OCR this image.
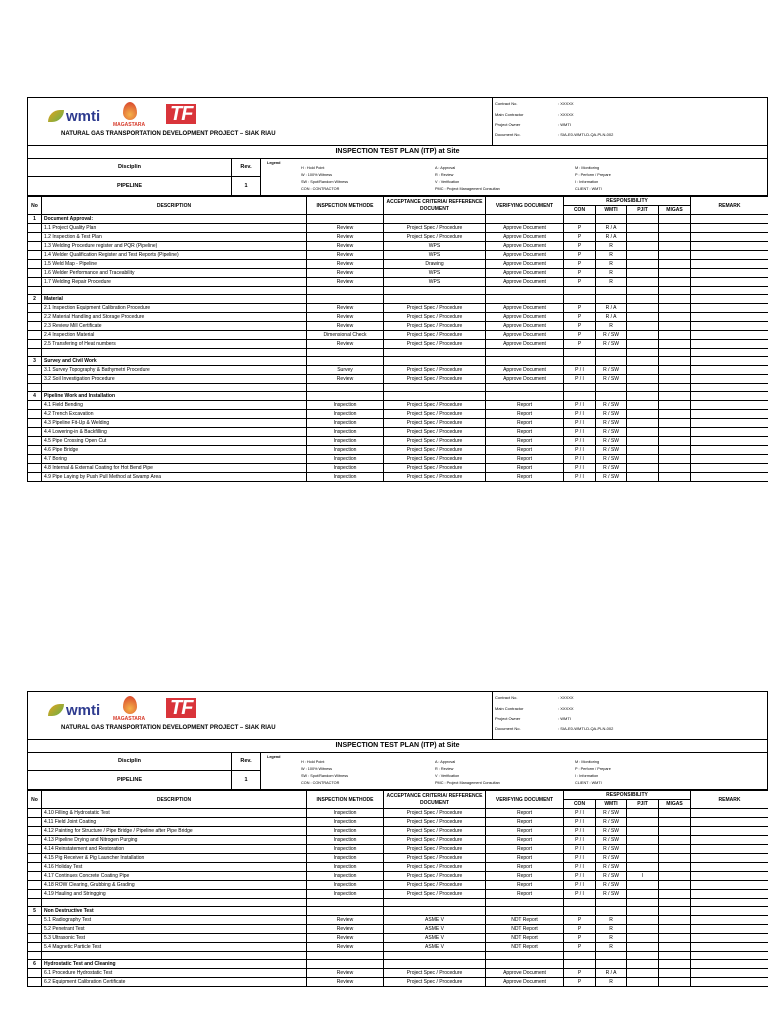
wmti	MAGASTARA TF
NATURAL GAS TRANSPORTATION DEVELOPMENT PROJECT – SIAK RIAU
Contract No.	: XXXXX
Main Contractor	: XXXXX
Project Owner	: WMTI
Document No.	: SIA-E0-WMTI-D-QA-PLN-002
INSPECTION TEST PLAN (ITP) at Site
Disciplin
PIPELINE
Rev.
1
Legend
H : Hold Point
W : 100% Witness
SW : Spot/Random Witness
CON : CONTRACTOR
A : Approval
R : Review
V : Verification
PMC : Project Management Consultan
M : Monitoring
P : Perform / Prepare
I : Information
CLIENT : WMTI
No	DESCRIPTION	INSPECTION METHODE	ACCEPTANCE CRITERIA/ REFFERENCE DOCUMENT	VERIFYING DOCUMENT	RESPONSIBILITY				REMARK
					CON	WMTI	PJIT	MIGAS	
1	Document Approval:								
	1.1 Project Quality Plan	Review	Project Spec / Procedure	Approve Document	P	R / A			
	1.2 Inspection & Test Plan	Review	Project Spec / Procedure	Approve Document	P	R / A			
	1.3 Welding Procedure register and PQR (Pipeline)	Review	WPS	Approve Document	P	R			
	1.4 Welder Qualification Register and Test Reports (Pipeline)	Review	WPS	Approve Document	P	R			
	1.5 Weld Map - Pipeline	Review	Drawing	Approve Document	P	R			
	1.6 Welder Performance and Traceability	Review	WPS	Approve Document	P	R			
	1.7 Welding Repair Procedure	Review	WPS	Approve Document	P	R			

2	Material								
	2.1 Inspection Equipment Calibration Procedure	Review	Project Spec / Procedure	Approve Document	P	R / A			
	2.2 Material Handling and Storage Procedure	Review	Project Spec / Procedure	Approve Document	P	R / A			
	2.3 Review Mill Certificate	Review	Project Spec / Procedure	Approve Document	P	R			
	2.4 Inspection Material	Dimensional Check	Project Spec / Procedure	Approve Document	P	R / SW			
	2.5 Transfering of Heat numbers	Review	Project Spec / Procedure	Approve Document	P	R / SW			

3	Survey and Civil Work								
	3.1 Survey Topography & Bathymetri Procedure	Survey	Project Spec / Procedure	Approve Document	P / I	R / SW			
	3.2 Soil Investigation Procedure	Review	Project Spec / Procedure	Approve Document	P / I	R / SW			

4	Pipeline Work and Installation								
	4.1 Field Bending	Inspection	Project Spec / Procedure	Report	P / I	R / SW			
	4.2 Trench Excavation	Inspection	Project Spec / Procedure	Report	P / I	R / SW			
	4.3 Pipeline Fit-Up & Welding	Inspection	Project Spec / Procedure	Report	P / I	R / SW			
	4.4 Lowering-in & Backfilling	Inspection	Project Spec / Procedure	Report	P / I	R / SW			
	4.5 Pipe Crossing Open Cut	Inspection	Project Spec / Procedure	Report	P / I	R / SW			
	4.6 Pipe Bridge	Inspection	Project Spec / Procedure	Report	P / I	R / SW			
	4.7 Boring	Inspection	Project Spec / Procedure	Report	P / I	R / SW			
	4.8 Internal & External Coating for Hot Bend Pipe	Inspection	Project Spec / Procedure	Report	P / I	R / SW			
	4.9 Pipe Laying by Push Pull Method at Swamp Area	Inspection	Project Spec / Procedure	Report	P / I	R / SW			
wmti	MAGASTARA TF
NATURAL GAS TRANSPORTATION DEVELOPMENT PROJECT – SIAK RIAU
Contract No.	: XXXXX
Main Contractor	: XXXXX
Project Owner	: WMTI
Document No.	: SIA-E0-WMTI-D-QA-PLN-002
INSPECTION TEST PLAN (ITP) at Site
Disciplin
PIPELINE
Rev.
1
Legend
H : Hold Point
W : 100% Witness
SW : Spot/Random Witness
CON : CONTRACTOR
A : Approval
R : Review
V : Verification
PMC : Project Management Consultan
M : Monitoring
P : Perform / Prepare
I : Information
CLIENT : WMTI
No	DESCRIPTION	INSPECTION METHODE	ACCEPTANCE CRITERIA/ REFFERENCE DOCUMENT	VERIFYING DOCUMENT	RESPONSIBILITY				REMARK
					CON	WMTI	PJIT	MIGAS	
	4.10 Filling & Hydrostatic Test	Inspection	Project Spec / Procedure	Report	P / I	R / SW			
	4.11 Field Joint Coating	Inspection	Project Spec / Procedure	Report	P / I	R / SW			
	4.12 Painting for Structure / Pipe Bridge / Pipeline after Pipe Bridge	Inspection	Project Spec / Procedure	Report	P / I	R / SW			
	4.13 Pipeline Drying and Nitrogen Purging	Inspection	Project Spec / Procedure	Report	P / I	R / SW			
	4.14 Reinstatement and Restoration	Inspection	Project Spec / Procedure	Report	P / I	R / SW			
	4.15 Pig Receiver & Pig Launcher Installation	Inspection	Project Spec / Procedure	Report	P / I	R / SW			
	4.16 Holiday Test	Inspection	Project Spec / Procedure	Report	P / I	R / SW			
	4.17 Continues Concrete Coating Pipe	Inspection	Project Spec / Procedure	Report	P / I	R / SW	I		
	4.18 ROW Clearing, Grubbing & Grading	Inspection	Project Spec / Procedure	Report	P / I	R / SW			
	4.19 Hauling and Stringging	Inspection	Project Spec / Procedure	Report	P / I	R / SW			

5	Non Destructive Test								
	5.1 Radiography Test	Review	ASME V	NDT Report	P	R			
	5.2 Penetrant Test	Review	ASME V	NDT Report	P	R			
	5.3 Ultrasonic Test	Review	ASME V	NDT Report	P	R			
	5.4 Magnetic Particle Test	Review	ASME V	NDT Report	P	R			

6	Hydrostatic Test and Cleaning								
	6.1 Procedure Hydrostatic Test	Review	Project Spec / Procedure	Approve Document	P	R / A			
	6.2 Equipment Calibration Certificate	Review	Project Spec / Procedure	Approve Document	P	R			
